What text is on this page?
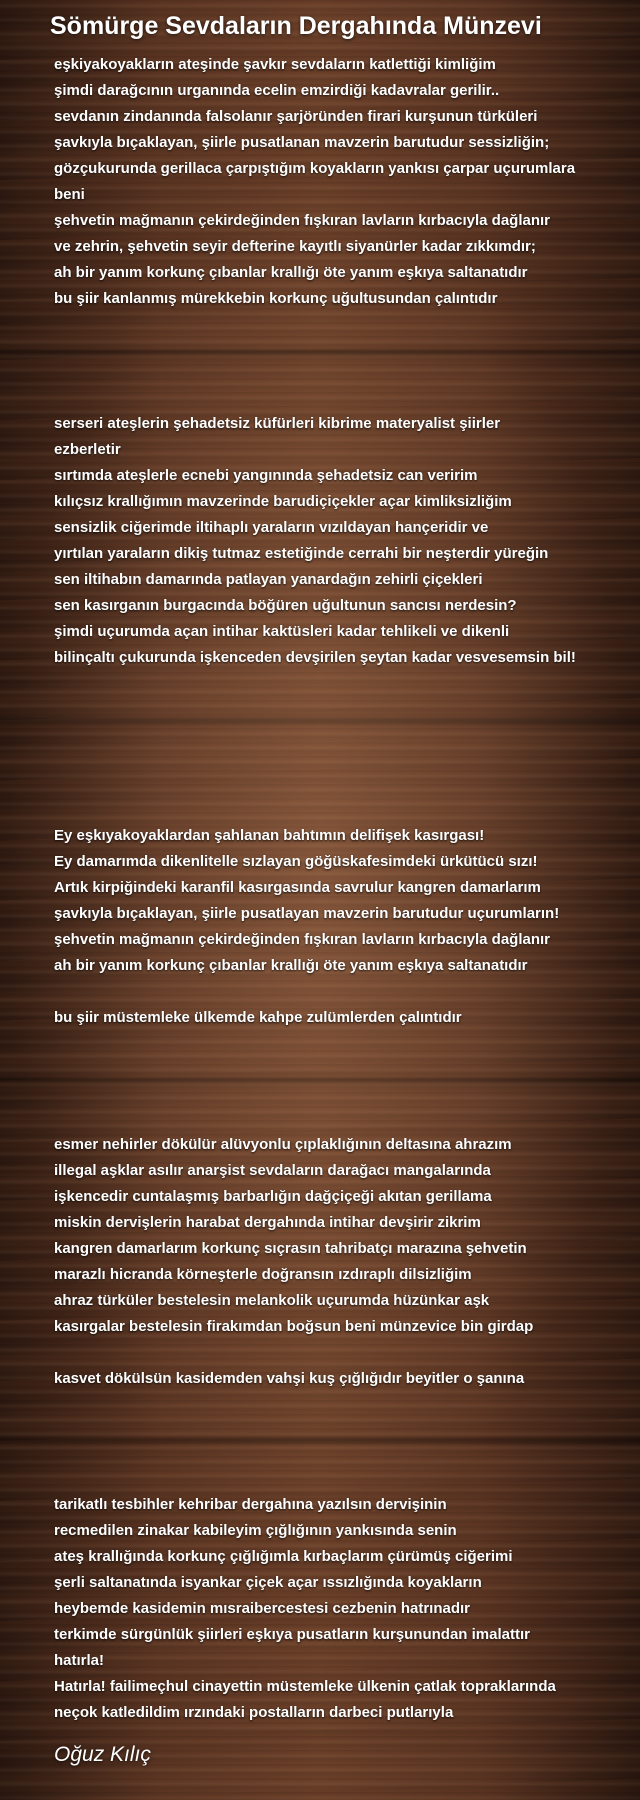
Sömürge Sevdaların Dergahında Münzevi
eşkiyakoyakların ateşinde şavkır sevdaların katlettiği kimliğim
şimdi darağcının urganında ecelin emzirdiği kadavralar gerilir..
sevdanın zindanında falsolanır şarjöründen firari kurşunun türküleri
şavkıyla bıçaklayan, şiirle pusatlanan mavzerin barutudur sessizliğin;
gözçukurunda gerillaca çarpıştığım koyakların yankısı çarpar uçurumlara
beni
şehvetin mağmanın çekirdeğinden fışkıran lavların kırbacıyla dağlanır
ve zehrin, şehvetin seyir defterine kayıtlı siyanürler kadar zıkkımdır;
ah bir yanım korkunç çıbanlar krallığı öte yanım eşkıya saltanatıdır
bu şiir kanlanmış mürekkebin korkunç uğultusundan çalıntıdır
serseri ateşlerin şehadetsiz küfürleri kibrime materyalist şiirler
ezberletir
sırtımda ateşlerle ecnebi yangınında şehadetsiz can veririm
kılıçsız krallığımın mavzerinde barudiçiçekler açar kimliksizliğim
sensizlik ciğerimde iltihaplı yaraların vızıldayan hançeridir ve
yırtılan yaraların dikiş tutmaz estetiğinde cerrahi bir neşterdir yüreğin
sen iltihabın damarında patlayan yanardağın zehirli çiçekleri
sen kasırganın burgacında böğüren uğultunun sancısı nerdesin?
şimdi uçurumda açan intihar kaktüsleri kadar tehlikeli ve dikenli
bilinçaltı çukurunda işkenceden devşirilen şeytan kadar vesvesemsin bil!
Ey eşkıyakoyaklardan şahlanan bahtımın delifişek kasırgası!
Ey damarımda dikenlitelle sızlayan göğüskafesimdeki ürkütücü sızı!
Artık kirpiğindeki karanfil kasırgasında savrulur kangren damarlarım
şavkıyla bıçaklayan, şiirle pusatlayan mavzerin barutudur uçurumların!
şehvetin mağmanın çekirdeğinden fışkıran lavların kırbacıyla dağlanır
ah bir yanım korkunç çıbanlar krallığı öte yanım eşkıya saltanatıdır
bu şiir müstemleke ülkemde kahpe zulümlerden çalıntıdır
esmer nehirler dökülür alüvyonlu çıplaklığının deltasına ahrazım
illegal aşklar asılır anarşist sevdaların darağacı mangalarında
işkencedir cuntalaşmış barbarlığın dağçiçeği akıtan gerillama
miskin dervişlerin harabat dergahında intihar devşirir zikrim
kangren damarlarım korkunç sıçrasın tahribatçı marazına şehvetin
marazlı hicranda körneşterle doğransın ızdıraplı dilsizliğim
ahraz türküler bestelesin melankolik uçurumda hüzünkar aşk
kasırgalar bestelesin firakımdan boğsun beni münzevice bin girdap
kasvet dökülsün kasidemden vahşi kuş çığlığıdır beyitler o şanına
tarikatlı tesbihler kehribar dergahına yazılsın dervişinin
recmedilen zinakar kabileyim çığlığının yankısında senin
ateş krallığında korkunç çığlığımla kırbaçlarım çürümüş ciğerimi
şerli saltanatında isyankar çiçek açar ıssızlığında koyakların
heybemde kasidemin mısraibercestesi cezbenin hatrınadır
terkimde sürgünlük şiirleri eşkıya pusatların kurşunundan imalattır
hatırla!
Hatırla! failimeçhul cinayettin müstemleke ülkenin çatlak topraklarında
neçok katledildim ırzındaki postalların darbeci putlarıyla

Oğuz Kılıç
